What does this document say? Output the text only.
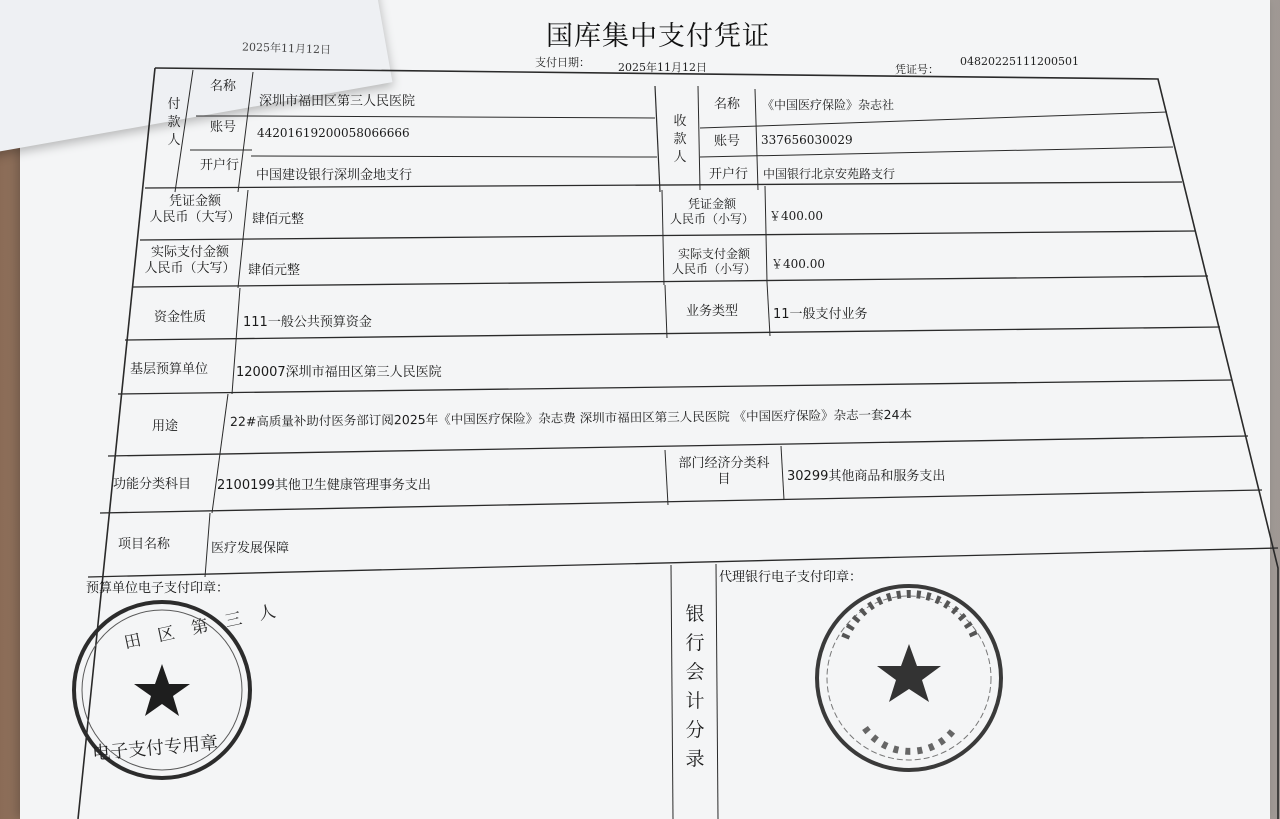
2025年11月12日	国库集中支付凭证
支付日期：	2025年11月12日	凭证号：
04820225111200501
付款人
名称
深圳市福田区第三人民医院
账号 44201619200058066666
开户行
中国建设银行深圳金地支行
收款人
名称 《中国医疗保险》杂志社
账号 337656030029
开户行 中国银行北京安苑路支行
凭证金额
人民币（大写） 肆佰元整
凭证金额
人民币（小写）	￥400.00
实际支付金额
人民币（大写） 肆佰元整
实际支付金额
人民币（小写）	￥400.00
资金性质	111一般公共预算资金
业务类型	11一般支付业务
基层预算单位 120007深圳市福田区第三人民医院
用途	22#高质量补助付医务部订阅2025年《中国医疗保险》杂志费 深圳市福田区第三人民医院 《中国医疗保险》杂志一套24本
功能分类科目 2100199其他卫生健康管理事务支出
部门经济分类科
目	30299其他商品和服务支出
项目名称	医疗发展保障
预算单位电子支付印章：
银行会计分录
代理银行电子支付印章：
田 区 第 三 人
电子支付专用章
